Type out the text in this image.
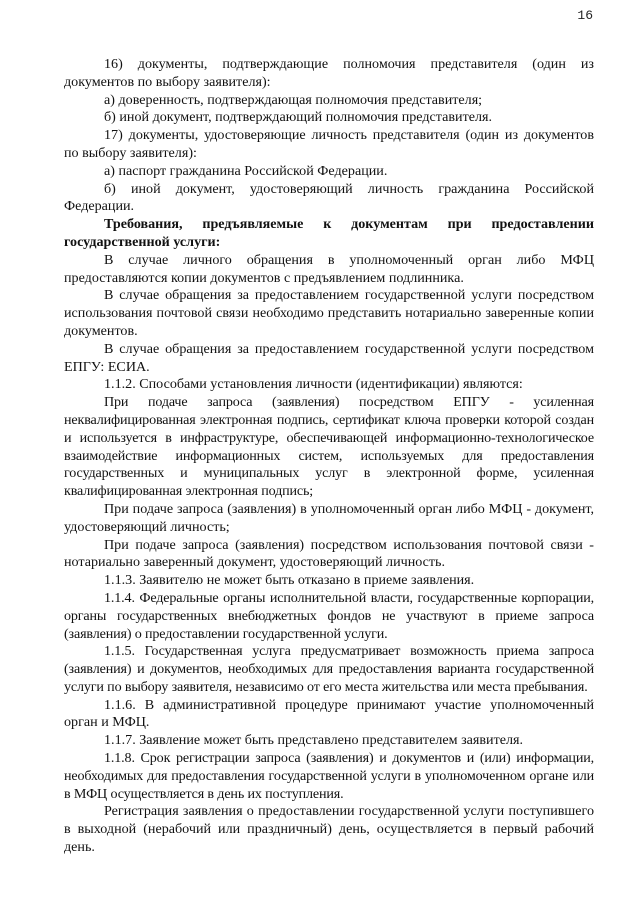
16

16) документы, подтверждающие полномочия представителя (один из документов по выбору заявителя):

а) доверенность, подтверждающая полномочия представителя;

б) иной документ, подтверждающий полномочия представителя.

17) документы, удостоверяющие личность представителя (один из документов по выбору заявителя):

а) паспорт гражданина Российской Федерации.

б) иной документ, удостоверяющий личность гражданина Российской Федерации.

Требования, предъявляемые к документам при предоставлении государственной услуги:

В случае личного обращения в уполномоченный орган либо МФЦ предоставляются копии документов с предъявлением подлинника.

В случае обращения за предоставлением государственной услуги посредством использования почтовой связи необходимо представить нотариально заверенные копии документов.

В случае обращения за предоставлением государственной услуги посредством ЕПГУ: ЕСИА.

1.1.2. Способами установления личности (идентификации) являются:

При подаче запроса (заявления) посредством ЕПГУ - усиленная неквалифицированная электронная подпись, сертификат ключа проверки которой создан и используется в инфраструктуре, обеспечивающей информационно-технологическое взаимодействие информационных систем, используемых для предоставления государственных и муниципальных услуг в электронной форме, усиленная квалифицированная электронная подпись;

При подаче запроса (заявления) в уполномоченный орган либо МФЦ - документ, удостоверяющий личность;

При подаче запроса (заявления) посредством использования почтовой связи - нотариально заверенный документ, удостоверяющий личность.

1.1.3. Заявителю не может быть отказано в приеме заявления.

1.1.4. Федеральные органы исполнительной власти, государственные корпорации, органы государственных внебюджетных фондов не участвуют в приеме запроса (заявления) о предоставлении государственной услуги.

1.1.5. Государственная услуга предусматривает возможность приема запроса (заявления) и документов, необходимых для предоставления варианта государственной услуги по выбору заявителя, независимо от его места жительства или места пребывания.

1.1.6. В административной процедуре принимают участие уполномоченный орган и МФЦ.

1.1.7. Заявление может быть представлено представителем заявителя.

1.1.8. Срок регистрации запроса (заявления) и документов и (или) информации, необходимых для предоставления государственной услуги в уполномоченном органе или в МФЦ осуществляется в день их поступления.

Регистрация заявления о предоставлении государственной услуги поступившего в выходной (нерабочий или праздничный) день, осуществляется в первый рабочий день.
